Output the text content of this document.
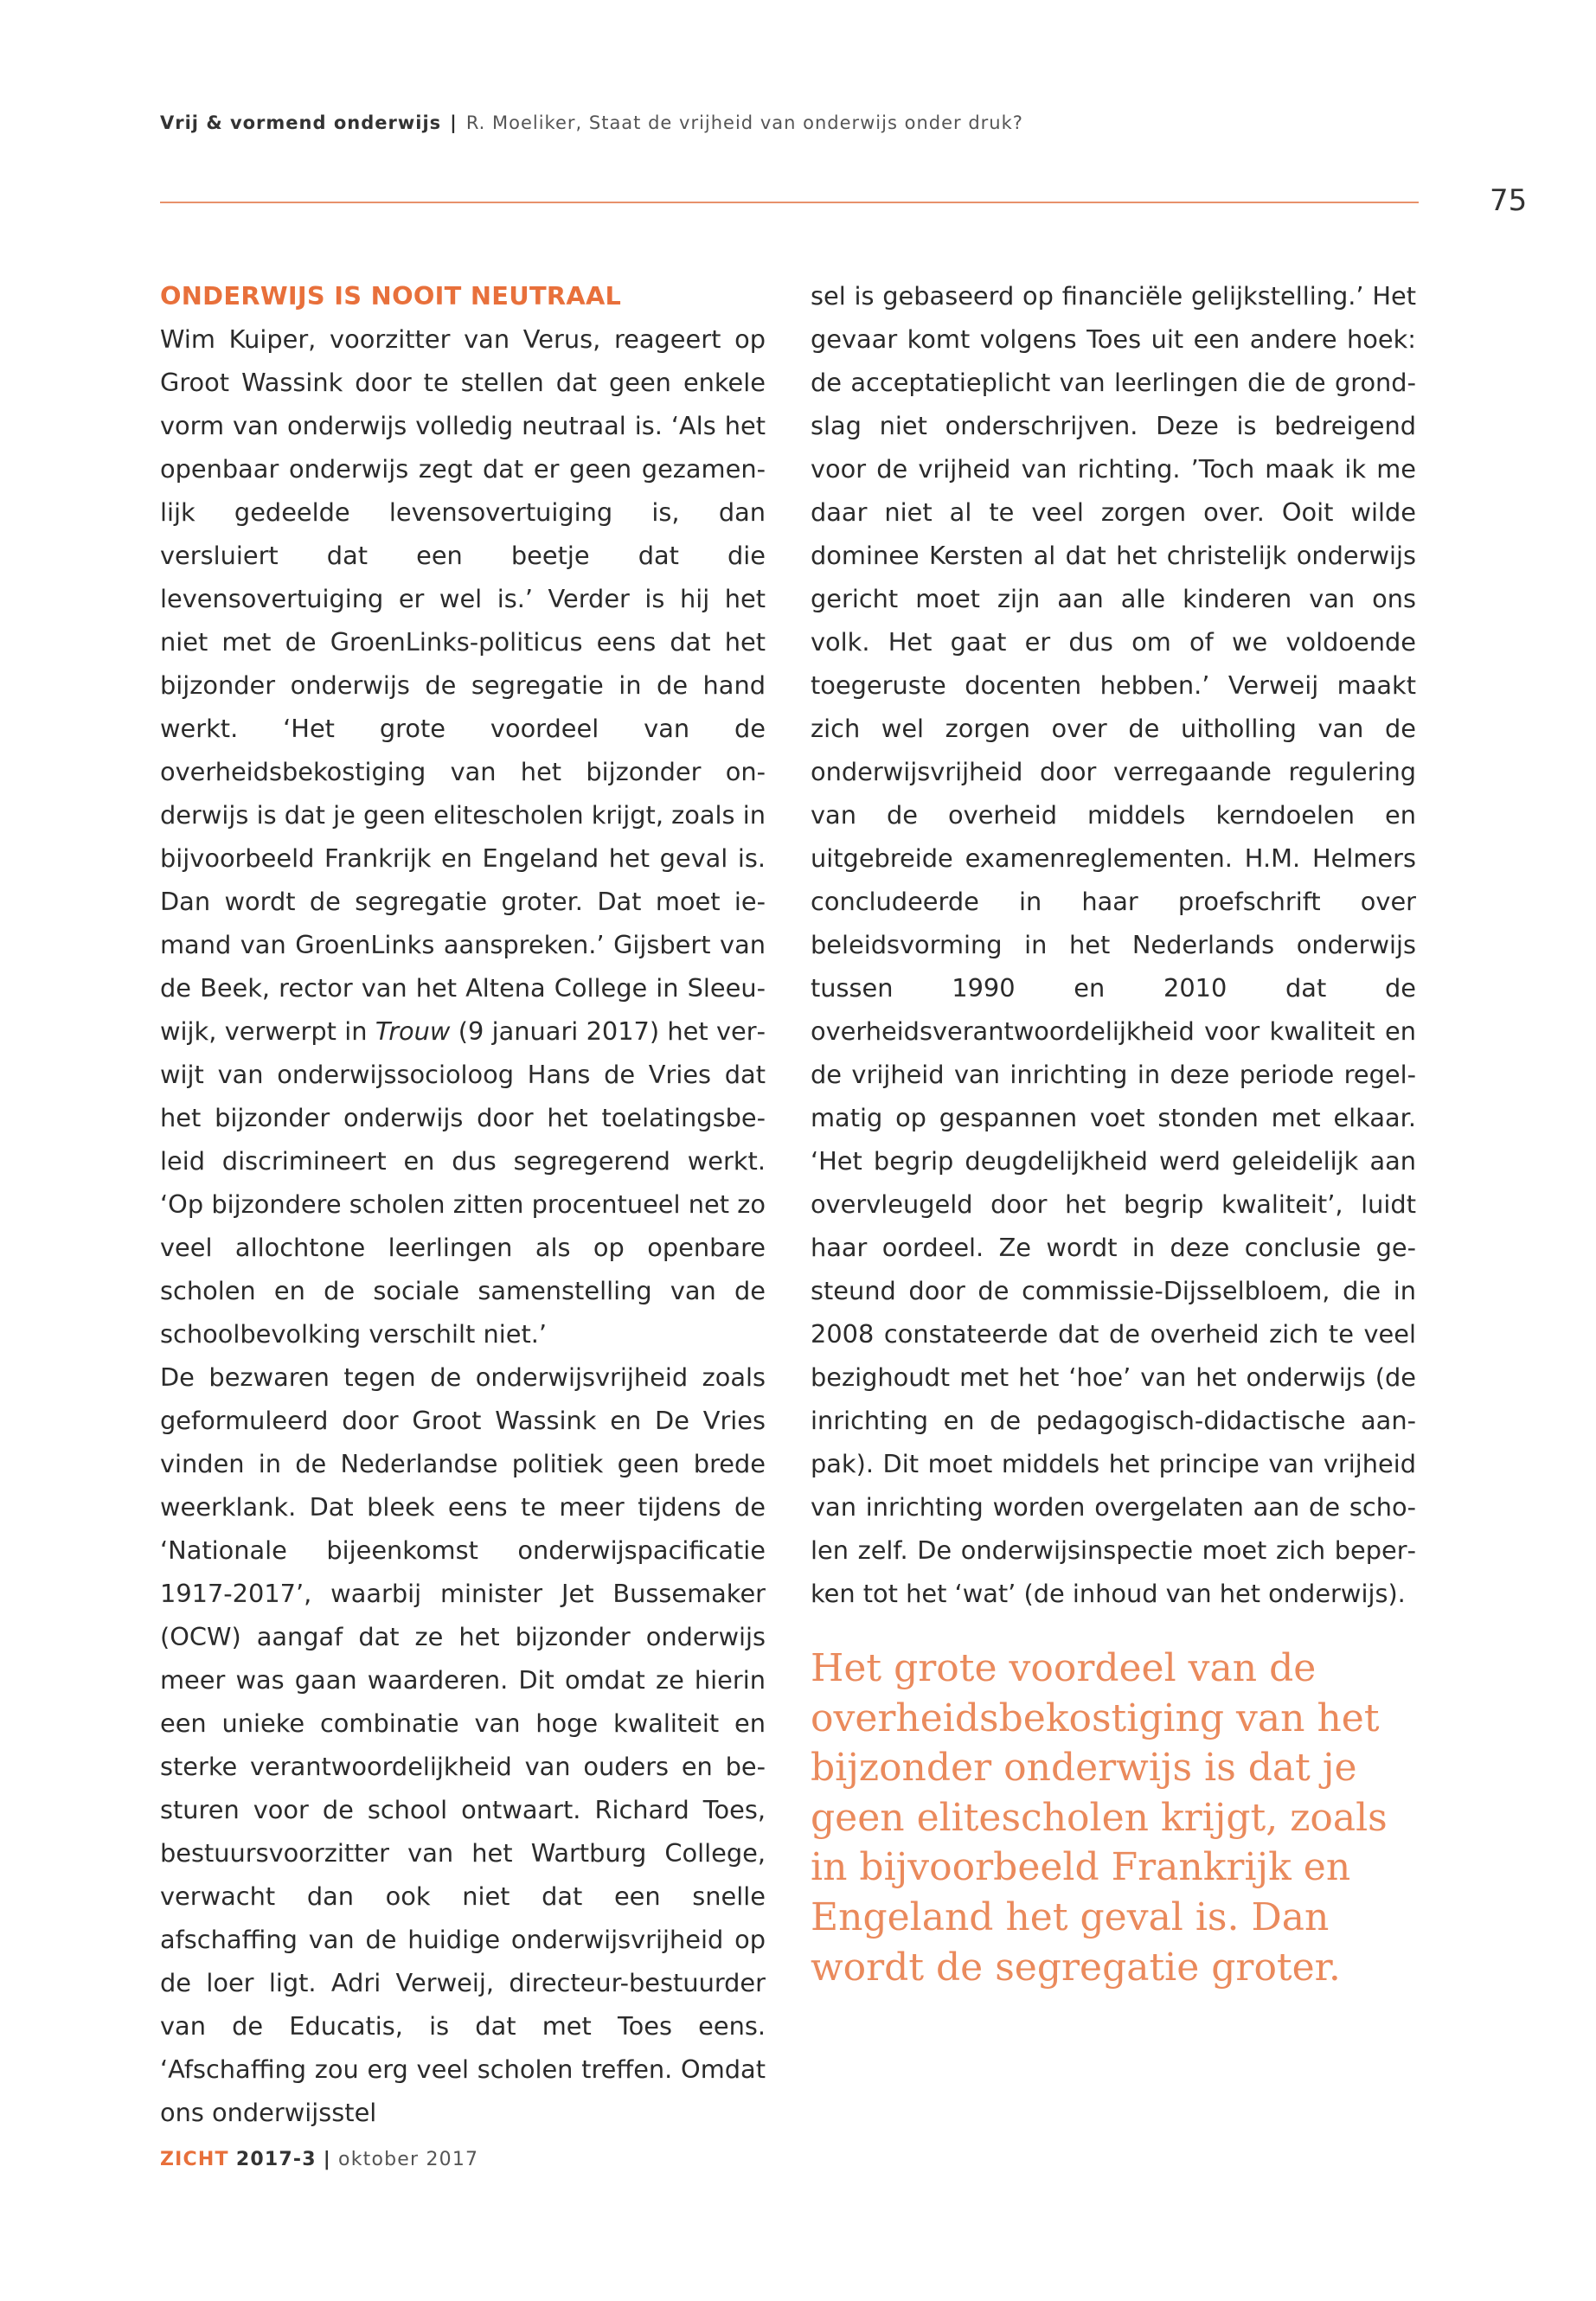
Vrij & vormend onderwijs | R. Moeliker, Staat de vrijheid van onderwijs onder druk?
75
ONDERWIJS IS NOOIT NEUTRAAL

Wim Kuiper, voorzitter van Verus, reageert op Groot Wassink door te stellen dat geen enkele vorm van onderwijs volledig neutraal is. ‘Als het openbaar onderwijs zegt dat er geen gezamenlijk gedeelde levensovertuiging is, dan versluiert dat een beetje dat die levensovertuiging er wel is.’ Verder is hij het niet met de GroenLinks-politicus eens dat het bijzonder onderwijs de segregatie in de hand werkt. ‘Het grote voordeel van de overheidsbekostiging van het bijzonder onderwijs is dat je geen elitescholen krijgt, zoals in bijvoorbeeld Frankrijk en Engeland het geval is. Dan wordt de segregatie groter. Dat moet iemand van GroenLinks aanspreken.’ Gijsbert van de Beek, rector van het Altena College in Sleeuwijk, verwerpt in Trouw (9 januari 2017) het verwijt van onderwijssocioloog Hans de Vries dat het bijzonder onderwijs door het toelatingsbeleid discrimineert en dus segregerend werkt. ‘Op bijzondere scholen zitten procentueel net zo veel allochtone leerlingen als op openbare scholen en de sociale samenstelling van de schoolbevolking verschilt niet.’

De bezwaren tegen de onderwijsvrijheid zoals geformuleerd door Groot Wassink en De Vries vinden in de Nederlandse politiek geen brede weerklank. Dat bleek eens te meer tijdens de ‘Nationale bijeenkomst onderwijspacificatie 1917-2017’, waarbij minister Jet Bussemaker (OCW) aangaf dat ze het bijzonder onderwijs meer was gaan waarderen. Dit omdat ze hierin een unieke combinatie van hoge kwaliteit en sterke verantwoordelijkheid van ouders en besturen voor de school ontwaart. Richard Toes, bestuursvoorzitter van het Wartburg College, verwacht dan ook niet dat een snelle afschaffing van de huidige onderwijsvrijheid op de loer ligt. Adri Verweij, directeur-bestuurder van de Educatis, is dat met Toes eens. ‘Afschaffing zou erg veel scholen treffen. Omdat ons onderwijsstel

sel is gebaseerd op financiële gelijkstelling.’ Het gevaar komt volgens Toes uit een andere hoek: de acceptatieplicht van leerlingen die de grondslag niet onderschrijven. Deze is bedreigend voor de vrijheid van richting. ’Toch maak ik me daar niet al te veel zorgen over. Ooit wilde dominee Kersten al dat het christelijk onderwijs gericht moet zijn aan alle kinderen van ons volk. Het gaat er dus om of we voldoende toegeruste docenten hebben.’ Verweij maakt zich wel zorgen over de uitholling van de onderwijsvrijheid door verregaande regulering van de overheid middels kerndoelen en uitgebreide examenreglementen. H.M. Helmers concludeerde in haar proefschrift over beleidsvorming in het Nederlands onderwijs tussen 1990 en 2010 dat de overheidsverantwoordelijkheid voor kwaliteit en de vrijheid van inrichting in deze periode regelmatig op gespannen voet stonden met elkaar. ‘Het begrip deugdelijkheid werd geleidelijk aan overvleugeld door het begrip kwaliteit’, luidt haar oordeel. Ze wordt in deze conclusie gesteund door de commissie-Dijsselbloem, die in 2008 constateerde dat de overheid zich te veel bezighoudt met het ‘hoe’ van het onderwijs (de inrichting en de pedagogisch-didactische aanpak). Dit moet middels het principe van vrijheid van inrichting worden overgelaten aan de scholen zelf. De onderwijsinspectie moet zich beperken tot het ‘wat’ (de inhoud van het onderwijs).

Het grote voordeel van de overheidsbekostiging van het bijzonder onderwijs is dat je geen elitescholen krijgt, zoals in bijvoorbeeld Frankrijk en Engeland het geval is. Dan wordt de segregatie groter.

ZICHT 2017-3 | oktober 2017
